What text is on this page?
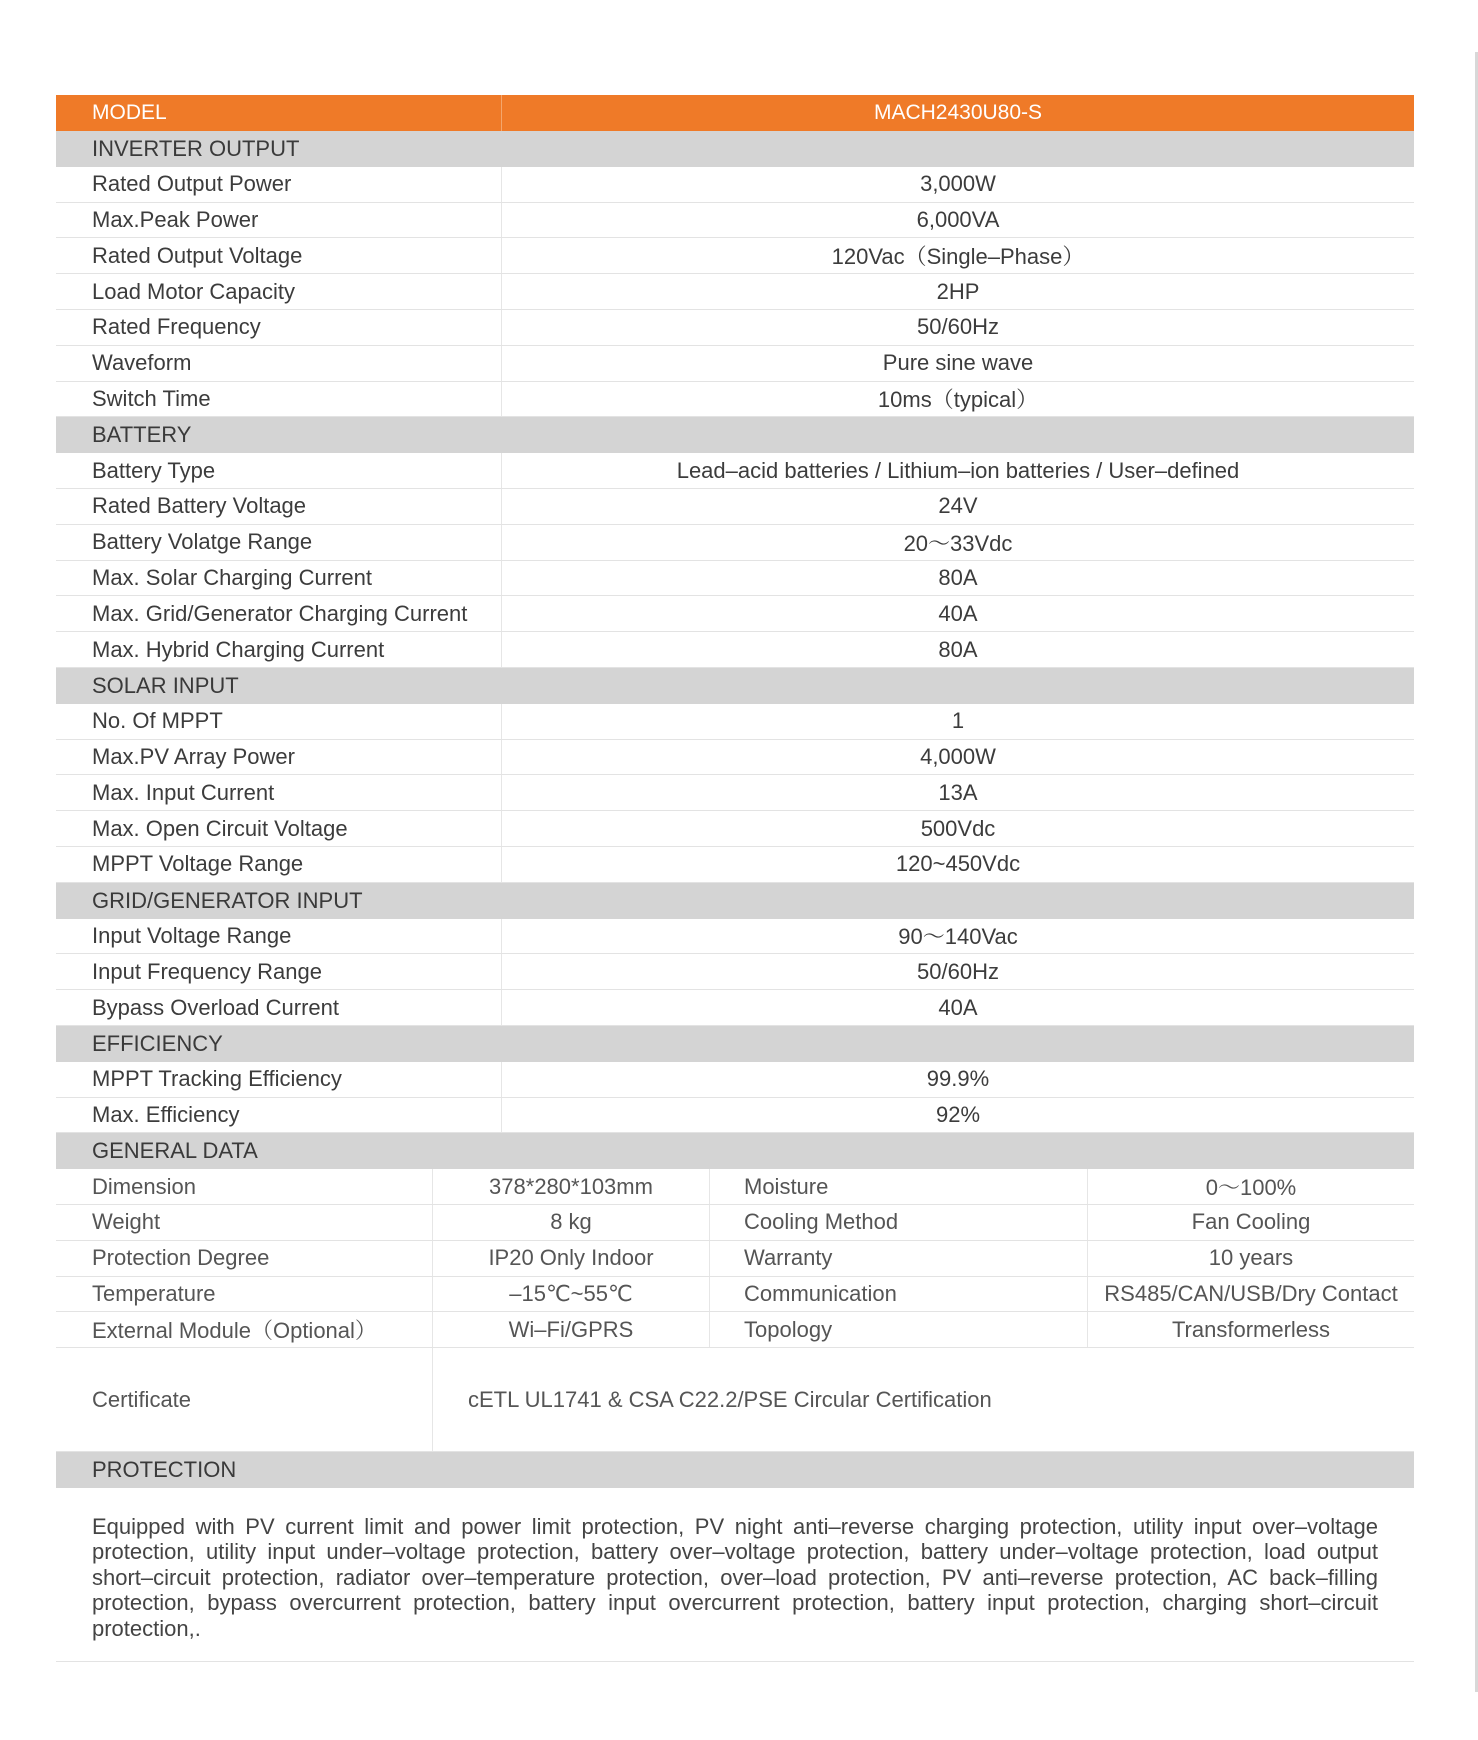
MODEL	MACH2430U80-S
INVERTER OUTPUT
Rated Output Power	3,000W
Max.Peak Power	6,000VA
Rated Output Voltage	120Vac（Single–Phase）
Load Motor Capacity	2HP
Rated Frequency	50/60Hz
Waveform	Pure sine wave
Switch Time	10ms（typical）
BATTERY
Battery Type	Lead–acid batteries / Lithium–ion batteries / User–defined
Rated Battery Voltage	24V
Battery Volatge Range	20～33Vdc
Max. Solar Charging Current	80A
Max. Grid/Generator Charging Current	40A
Max. Hybrid Charging Current	80A
SOLAR INPUT
No. Of MPPT	1
Max.PV Array Power	4,000W
Max. Input Current	13A
Max. Open Circuit Voltage	500Vdc
MPPT Voltage Range	120~450Vdc
GRID/GENERATOR INPUT
Input Voltage Range	90～140Vac
Input Frequency Range	50/60Hz
Bypass Overload Current	40A
EFFICIENCY
MPPT Tracking Efficiency	99.9%
Max. Efficiency	92%
GENERAL DATA
Dimension	378*280*103mm	Moisture	0～100%
Weight	8 kg	Cooling Method	Fan Cooling
Protection Degree	IP20 Only Indoor	Warranty	10 years
Temperature	–15℃~55℃	Communication	RS485/CAN/USB/Dry Contact
External Module（Optional）	Wi–Fi/GPRS	Topology	Transformerless
Certificate	cETL UL1741 & CSA C22.2/PSE Circular Certification
PROTECTION
Equipped with PV current limit and power limit protection, PV night anti–reverse charging protection, utility input over–voltage protection, utility input under–voltage protection, battery over–voltage protection, battery under–voltage protection, load output short–circuit protection, radiator over–temperature protection, over–load protection, PV anti–reverse protection, AC back–filling protection, bypass overcurrent protection, battery input overcurrent protection, battery input protection, charging short–circuit protection,.
